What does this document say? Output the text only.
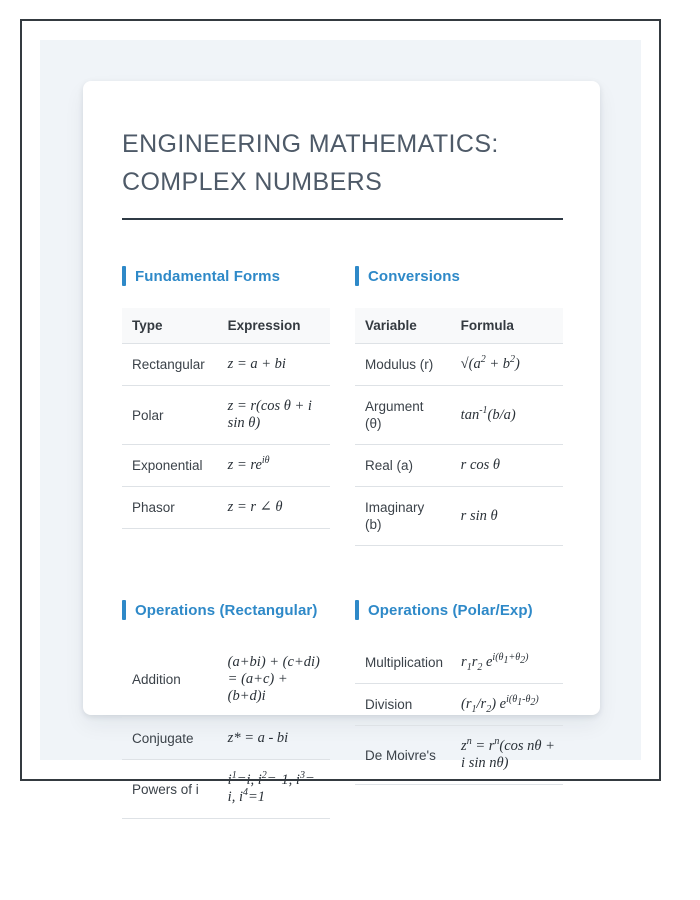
ENGINEERING MATHEMATICS:
COMPLEX NUMBERS
Fundamental Forms
Type	Expression
Rectangular	z = a + bi
Polar	z = r(cos θ + i sin θ)
Exponential	$z = re^{i\theta}$
Phasor	z = r ∠ θ
Conversions
Variable	Formula
Modulus (r)	$√(a^2 + b^2)$
Argument (θ)	$\tan^{-1}(b/a)$
Real (a)	r cos θ
Imaginary (b)	r sin θ
Operations (Rectangular)
Addition	(a+bi) + (c+di) = (a+c) + (b+d)i
Conjugate	z* = a - bi
Powers of i	$i^1=i$, $i^2=-1$, $i^3=-i$, $i^4=1$
Operations (Polar/Exp)
Multiplication	$r_1r_2$ $e^{i(\theta_1+\theta_2)}$
Division	$(r_1/r_2)$ $e^{i(\theta_1-\theta_2)}$
De Moivre's	$z^n = r^n(\cos$ nθ + i sin nθ)
